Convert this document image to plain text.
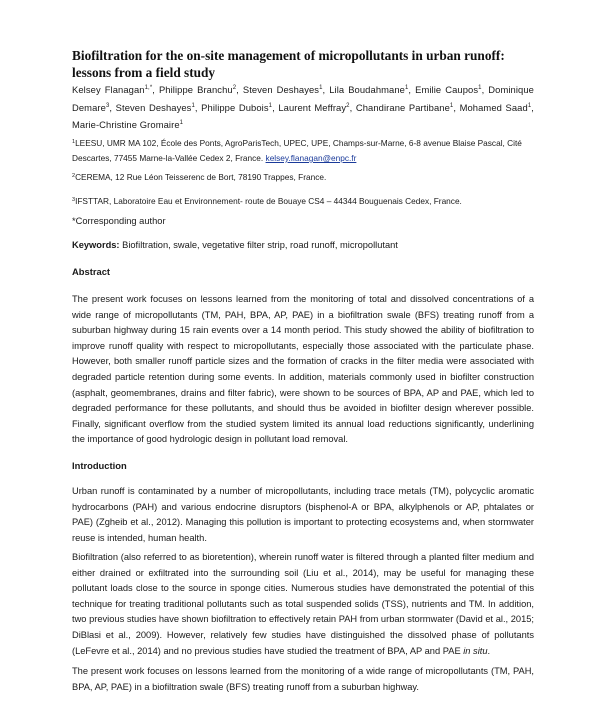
Biofiltration for the on-site management of micropollutants in urban runoff: lessons from a field study
Kelsey Flanagan$^{1,*}$, Philippe Branchu$^2$, Steven Deshayes$^1$, Lila Boudahmane$^1$, Emilie Caupos$^1$, Dominique Demare$^3$, Steven Deshayes$^1$, Philippe Dubois$^1$, Laurent Meffray$^2$, Chandirane Partibane$^1$, Mohamed Saad$^1$, Marie-Christine Gromaire$^1$
$^1$LEESU, UMR MA 102, École des Ponts, AgroParisTech, UPEC, UPE, Champs-sur-Marne, 6-8 avenue Blaise Pascal, Cité Descartes, 77455 Marne-la-Vallée Cedex 2, France. kelsey.flanagan@enpc.fr
$^2$CEREMA, 12 Rue Léon Teisserenc de Bort, 78190 Trappes, France.
$^3$IFSTTAR, Laboratoire Eau et Environnement- route de Bouaye CS4 – 44344 Bouguenais Cedex, France.
*Corresponding author
Keywords: Biofiltration, swale, vegetative filter strip, road runoff, micropollutant
Abstract
The present work focuses on lessons learned from the monitoring of total and dissolved concentrations of a wide range of micropollutants (TM, PAH, BPA, AP, PAE) in a biofiltration swale (BFS) treating runoff from a suburban highway during 15 rain events over a 14 month period. This study showed the ability of biofiltration to improve runoff quality with respect to micropollutants, especially those associated with the particulate phase. However, both smaller runoff particle sizes and the formation of cracks in the filter media were associated with degraded particle retention during some events. In addition, materials commonly used in biofilter construction (asphalt, geomembranes, drains and filter fabric), were shown to be sources of BPA, AP and PAE, which led to degraded performance for these pollutants, and should thus be avoided in biofilter design wherever possible. Finally, significant overflow from the studied system limited its annual load reductions significantly, underlining the importance of good hydrologic design in pollutant load removal.
Introduction
Urban runoff is contaminated by a number of micropollutants, including trace metals (TM), polycyclic aromatic hydrocarbons (PAH) and various endocrine disruptors (bisphenol-A or BPA, alkylphenols or AP, phtalates or PAE) (Zgheib et al., 2012). Managing this pollution is important to protecting ecosystems and, when stormwater reuse is intended, human health.
Biofiltration (also referred to as bioretention), wherein runoff water is filtered through a planted filter medium and either drained or exfiltrated into the surrounding soil (Liu et al., 2014), may be useful for managing these pollutant loads close to the source in sponge cities. Numerous studies have demonstrated the potential of this technique for treating traditional pollutants such as total suspended solids (TSS), nutrients and TM. In addition, two previous studies have shown biofiltration to effectively retain PAH from urban stormwater (David et al., 2015; DiBlasi et al., 2009). However, relatively few studies have distinguished the dissolved phase of pollutants (LeFevre et al., 2014) and no previous studies have studied the treatment of BPA, AP and PAE in situ.
The present work focuses on lessons learned from the monitoring of a wide range of micropollutants (TM, PAH, BPA, AP, PAE) in a biofiltration swale (BFS) treating runoff from a suburban highway.
